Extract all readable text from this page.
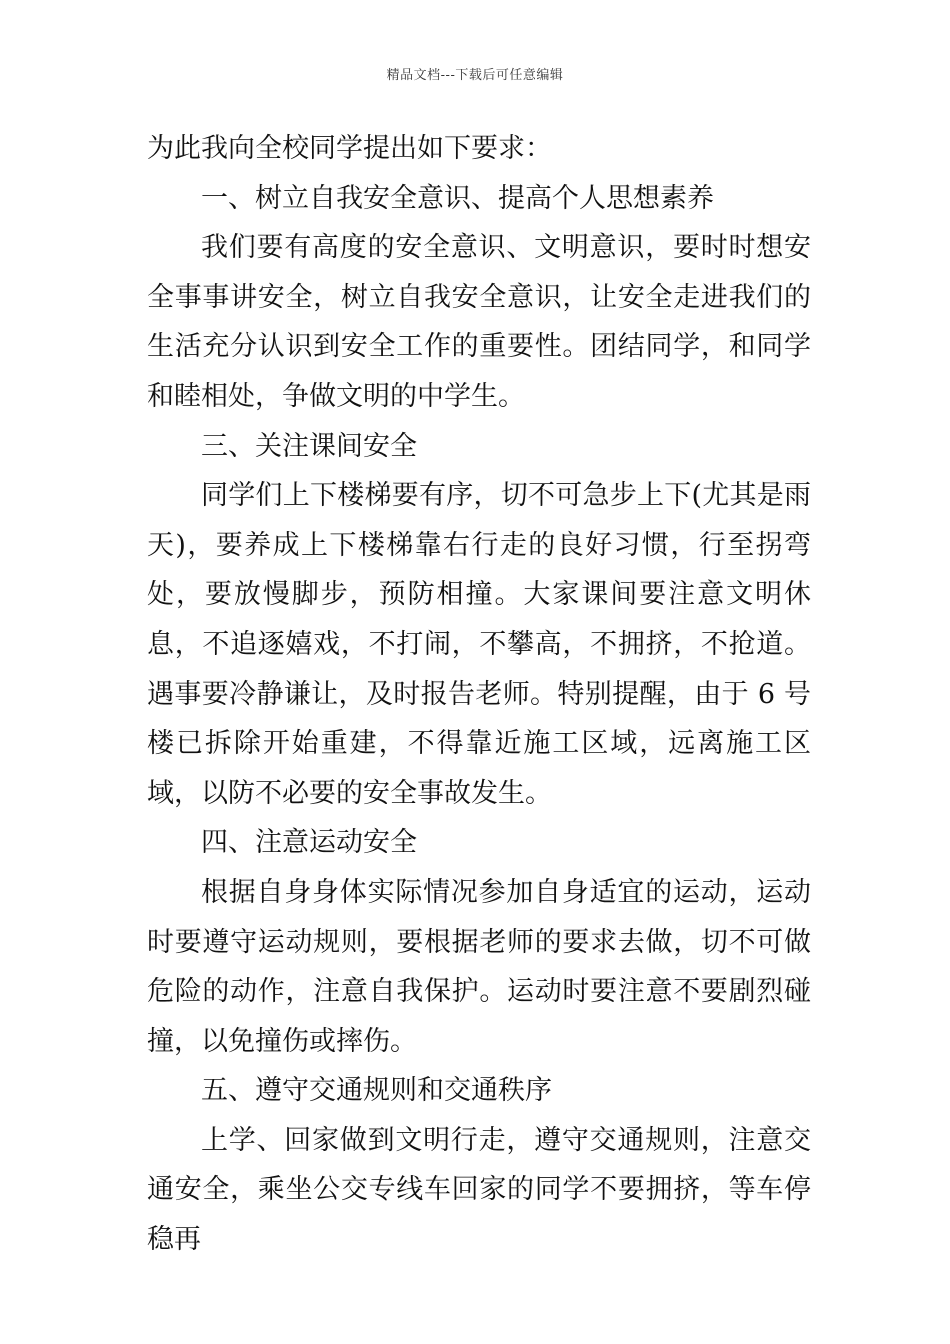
精品文档---下载后可任意编辑

为此我向全校同学提出如下要求：

一、树立自我安全意识、提高个人思想素养

我们要有高度的安全意识、文明意识，要时时想安全事事讲安全，树立自我安全意识，让安全走进我们的生活充分认识到安全工作的重要性。团结同学，和同学和睦相处，争做文明的中学生。

三、关注课间安全

同学们上下楼梯要有序，切不可急步上下(尤其是雨天)，要养成上下楼梯靠右行走的良好习惯，行至拐弯处，要放慢脚步，预防相撞。大家课间要注意文明休息，不追逐嬉戏，不打闹，不攀高，不拥挤，不抢道。遇事要冷静谦让，及时报告老师。特别提醒，由于 6 号楼已拆除开始重建，不得靠近施工区域，远离施工区域，以防不必要的安全事故发生。

四、注意运动安全

根据自身身体实际情况参加自身适宜的运动，运动时要遵守运动规则，要根据老师的要求去做，切不可做危险的动作，注意自我保护。运动时要注意不要剧烈碰撞，以免撞伤或摔伤。

五、遵守交通规则和交通秩序

上学、回家做到文明行走，遵守交通规则，注意交通安全，乘坐公交专线车回家的同学不要拥挤，等车停稳再
